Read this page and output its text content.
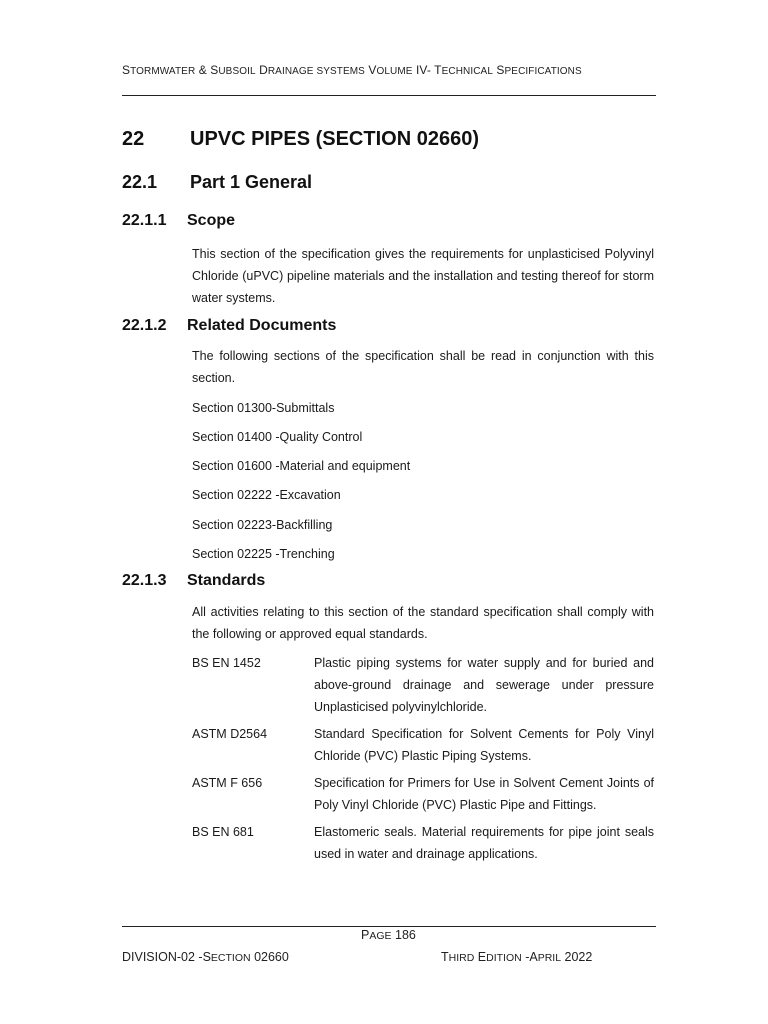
STORMWATER & SUBSOIL DRAINAGE SYSTEMS VOLUME IV- TECHNICAL SPECIFICATIONS
22 UPVC PIPES (SECTION 02660)
22.1 Part 1 General
22.1.1 Scope
This section of the specification gives the requirements for unplasticised Polyvinyl Chloride (uPVC) pipeline materials and the installation and testing thereof for storm water systems.
22.1.2 Related Documents
The following sections of the specification shall be read in conjunction with this section.
Section 01300-Submittals
Section 01400 -Quality Control
Section 01600 -Material and equipment
Section 02222 -Excavation
Section 02223-Backfilling
Section 02225 -Trenching
22.1.3 Standards
All activities relating to this section of the standard specification shall comply with the following or approved equal standards.
BS EN 1452	Plastic piping systems for water supply and for buried and above-ground drainage and sewerage under pressure Unplasticised polyvinylchloride.
ASTM D2564	Standard Specification for Solvent Cements for Poly Vinyl Chloride (PVC) Plastic Piping Systems.
ASTM F 656	Specification for Primers for Use in Solvent Cement Joints of Poly Vinyl Chloride (PVC) Plastic Pipe and Fittings.
BS EN 681	Elastomeric seals. Material requirements for pipe joint seals used in water and drainage applications.
PAGE 186
DIVISION-02 -SECTION 02660	THIRD EDITION -APRIL 2022
